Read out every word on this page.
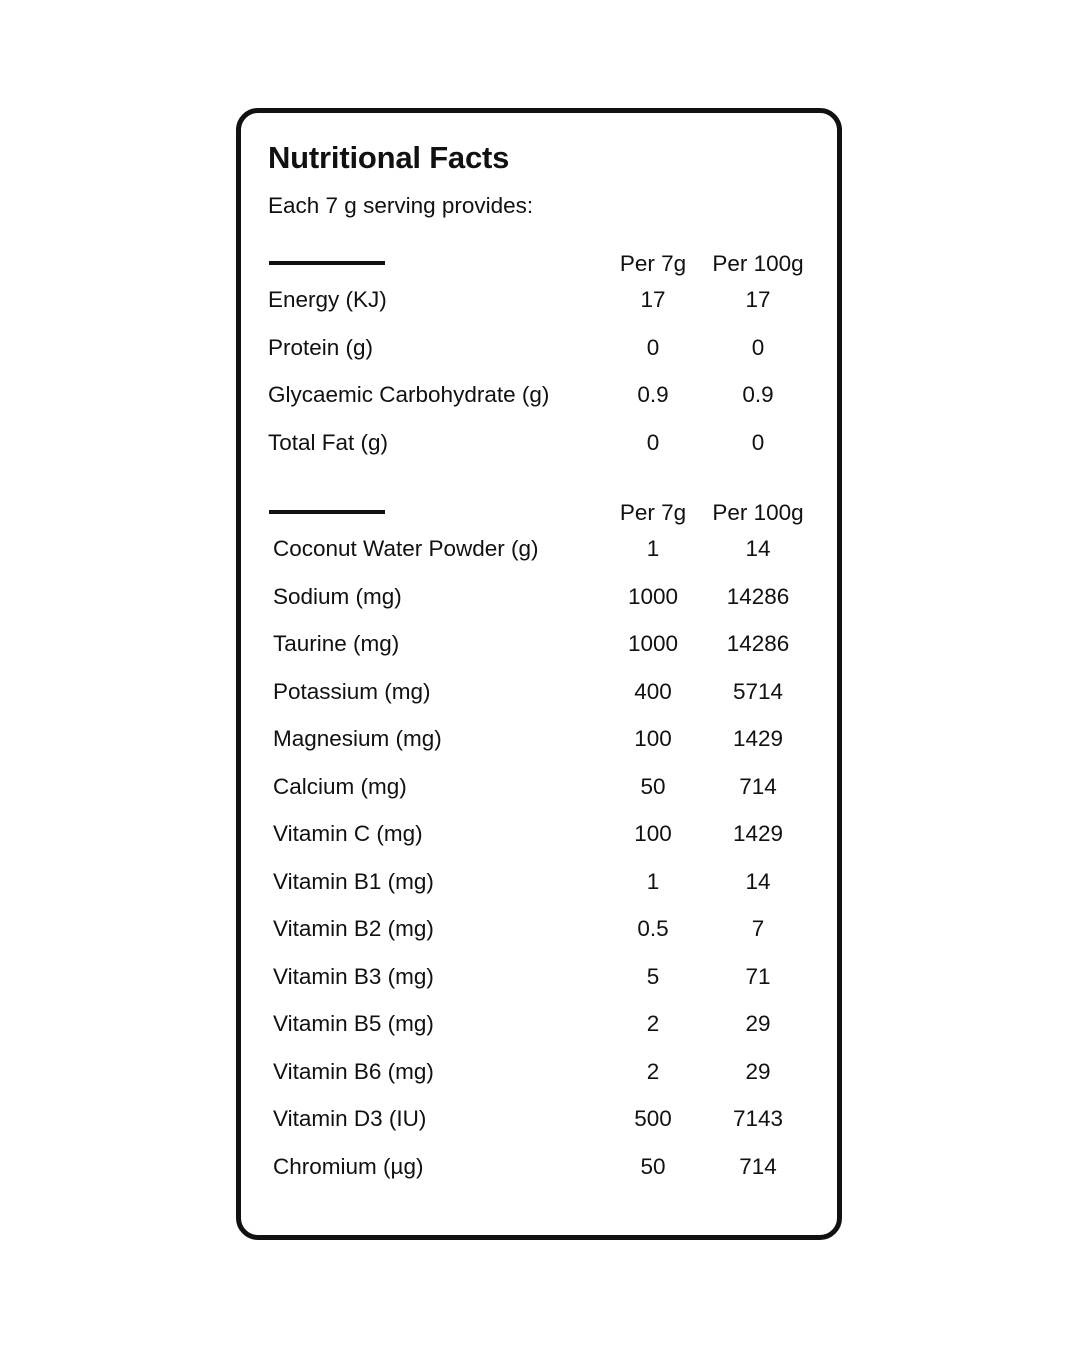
Nutritional Facts
Each 7 g serving provides:
Per 7g	Per 100g
Energy (KJ)	17	17
Protein (g)	0	0
Glycaemic Carbohydrate (g)	0.9	0.9
Total Fat (g)	0	0
Per 7g	Per 100g
Coconut Water Powder (g)	1	14
Sodium (mg)	1000	14286
Taurine (mg)	1000	14286
Potassium (mg)	400	5714
Magnesium (mg)	100	1429
Calcium (mg)	50	714
Vitamin C (mg)	100	1429
Vitamin B1 (mg)	1	14
Vitamin B2 (mg)	0.5	7
Vitamin B3 (mg)	5	71
Vitamin B5 (mg)	2	29
Vitamin B6 (mg)	2	29
Vitamin D3 (IU)	500	7143
Chromium (µg)	50	714
